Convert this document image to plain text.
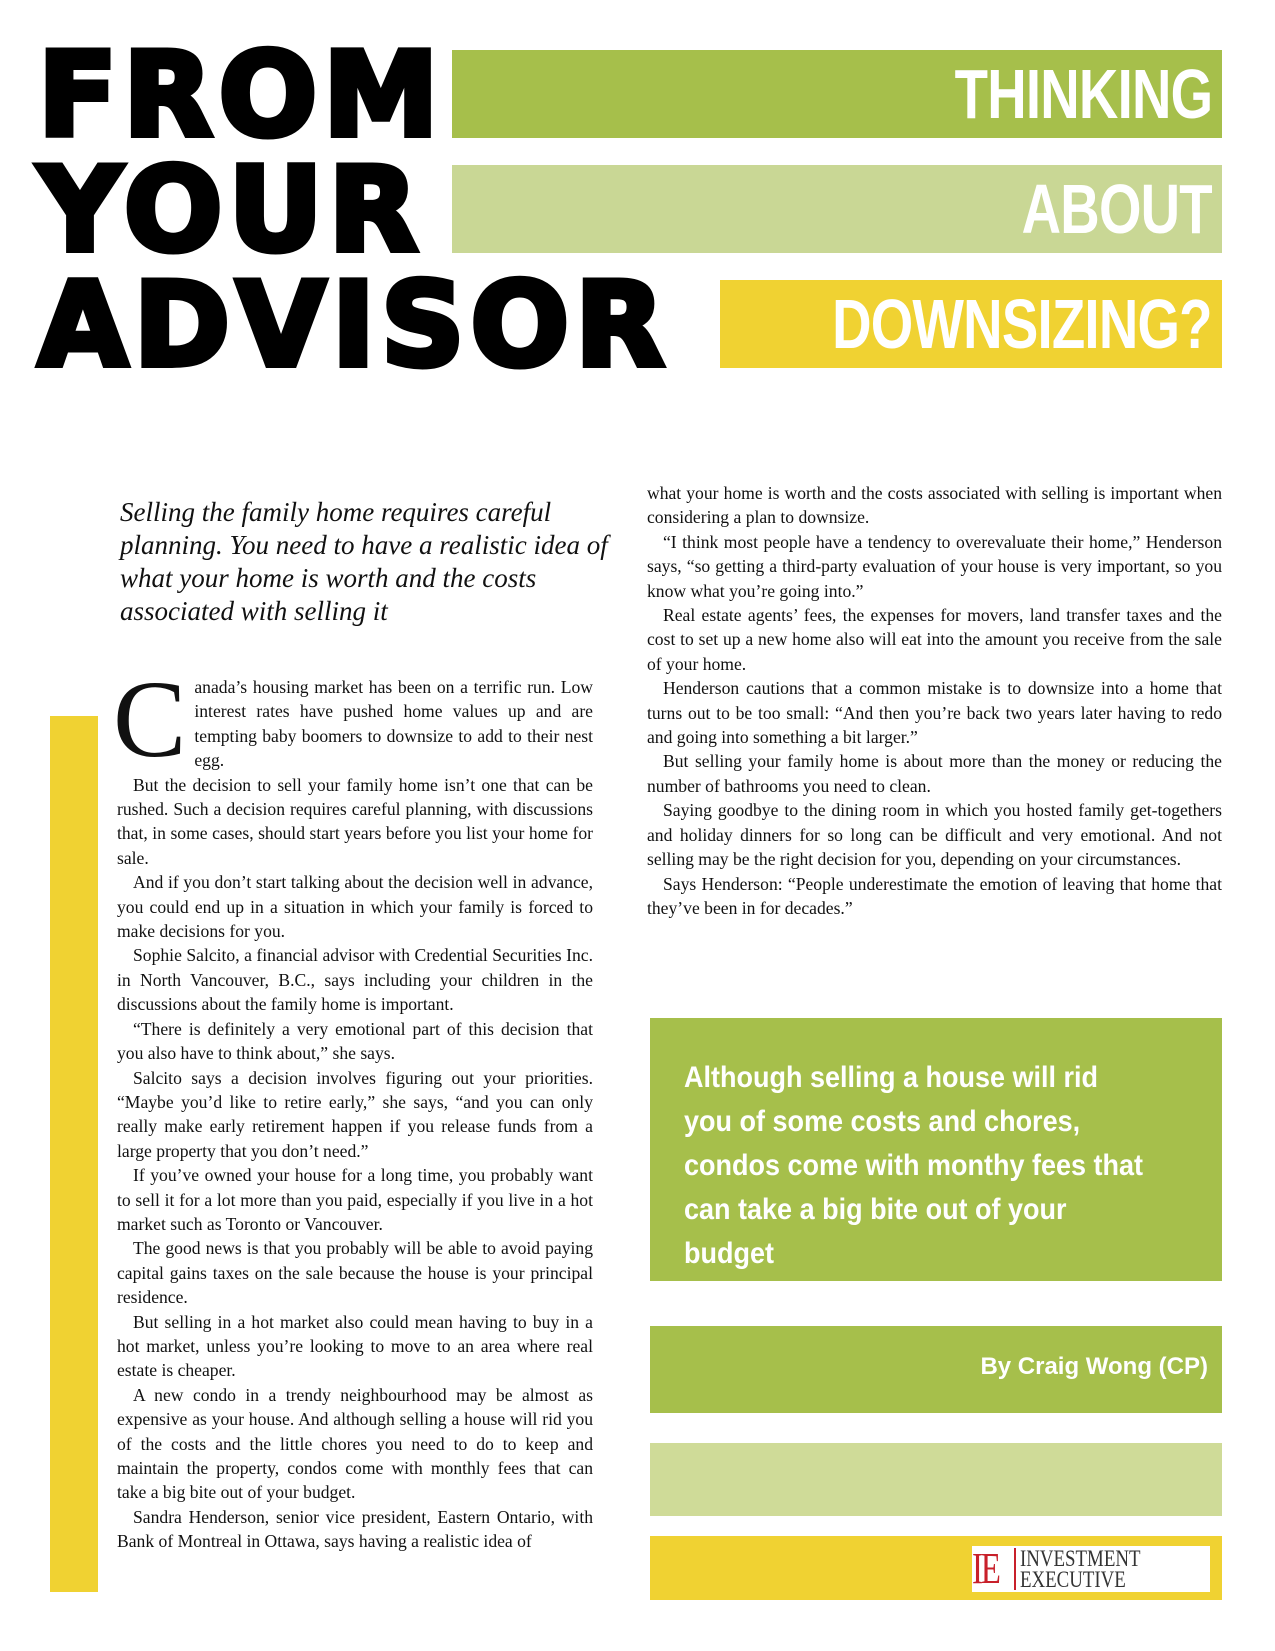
THINKING
ABOUT
DOWNSIZING?
FROM
YOUR
ADVISOR
Selling the family home requires careful planning. You need to have a realistic idea of what your home is worth and the costs associated with selling it

Canada’s housing market has been on a terrific run. Low interest rates have pushed home values up and are tempting baby boomers to downsize to add to their nest egg.

But the decision to sell your family home isn’t one that can be rushed. Such a decision requires careful planning, with discussions that, in some cases, should start years before you list your home for sale.

And if you don’t start talking about the decision well in advance, you could end up in a situation in which your family is forced to make decisions for you.

Sophie Salcito, a financial advisor with Credential Securities Inc. in North Vancouver, B.C., says including your children in the discussions about the family home is important.

“There is definitely a very emotional part of this decision that you also have to think about,” she says.

Salcito says a decision involves figuring out your priorities. “Maybe you’d like to retire early,” she says, “and you can only really make early retirement happen if you release funds from a large property that you don’t need.”

If you’ve owned your house for a long time, you probably want to sell it for a lot more than you paid, especially if you live in a hot market such as Toronto or Vancouver.

The good news is that you probably will be able to avoid paying capital gains taxes on the sale because the house is your principal residence.

But selling in a hot market also could mean having to buy in a hot market, unless you’re looking to move to an area where real estate is cheaper.

A new condo in a trendy neighbourhood may be almost as expensive as your house. And although selling a house will rid you of the costs and the little chores you need to do to keep and maintain the property, condos come with monthly fees that can take a big bite out of your budget.

Sandra Henderson, senior vice president, Eastern Ontario, with Bank of Montreal in Ottawa, says having a realistic idea of

what your home is worth and the costs associated with selling is important when considering a plan to downsize.

“I think most people have a tendency to overevaluate their home,” Henderson says, “so getting a third-party evaluation of your house is very important, so you know what you’re going into.”

Real estate agents’ fees, the expenses for movers, land transfer taxes and the cost to set up a new home also will eat into the amount you receive from the sale of your home.

Henderson cautions that a common mistake is to downsize into a home that turns out to be too small: “And then you’re back two years later having to redo and going into something a bit larger.”

But selling your family home is about more than the money or reducing the number of bathrooms you need to clean.

Saying goodbye to the dining room in which you hosted family get-togethers and holiday dinners for so long can be difficult and very emotional. And not selling may be the right decision for you, depending on your circumstances.

Says Henderson: “People underestimate the emotion of leaving that home that they’ve been in for decades.”

Although selling a house will rid you of some costs and chores, condos come with monthy fees that can take a big bite out of your budget
By Craig Wong (CP)
IE INVESTMENT
EXECUTIVE
